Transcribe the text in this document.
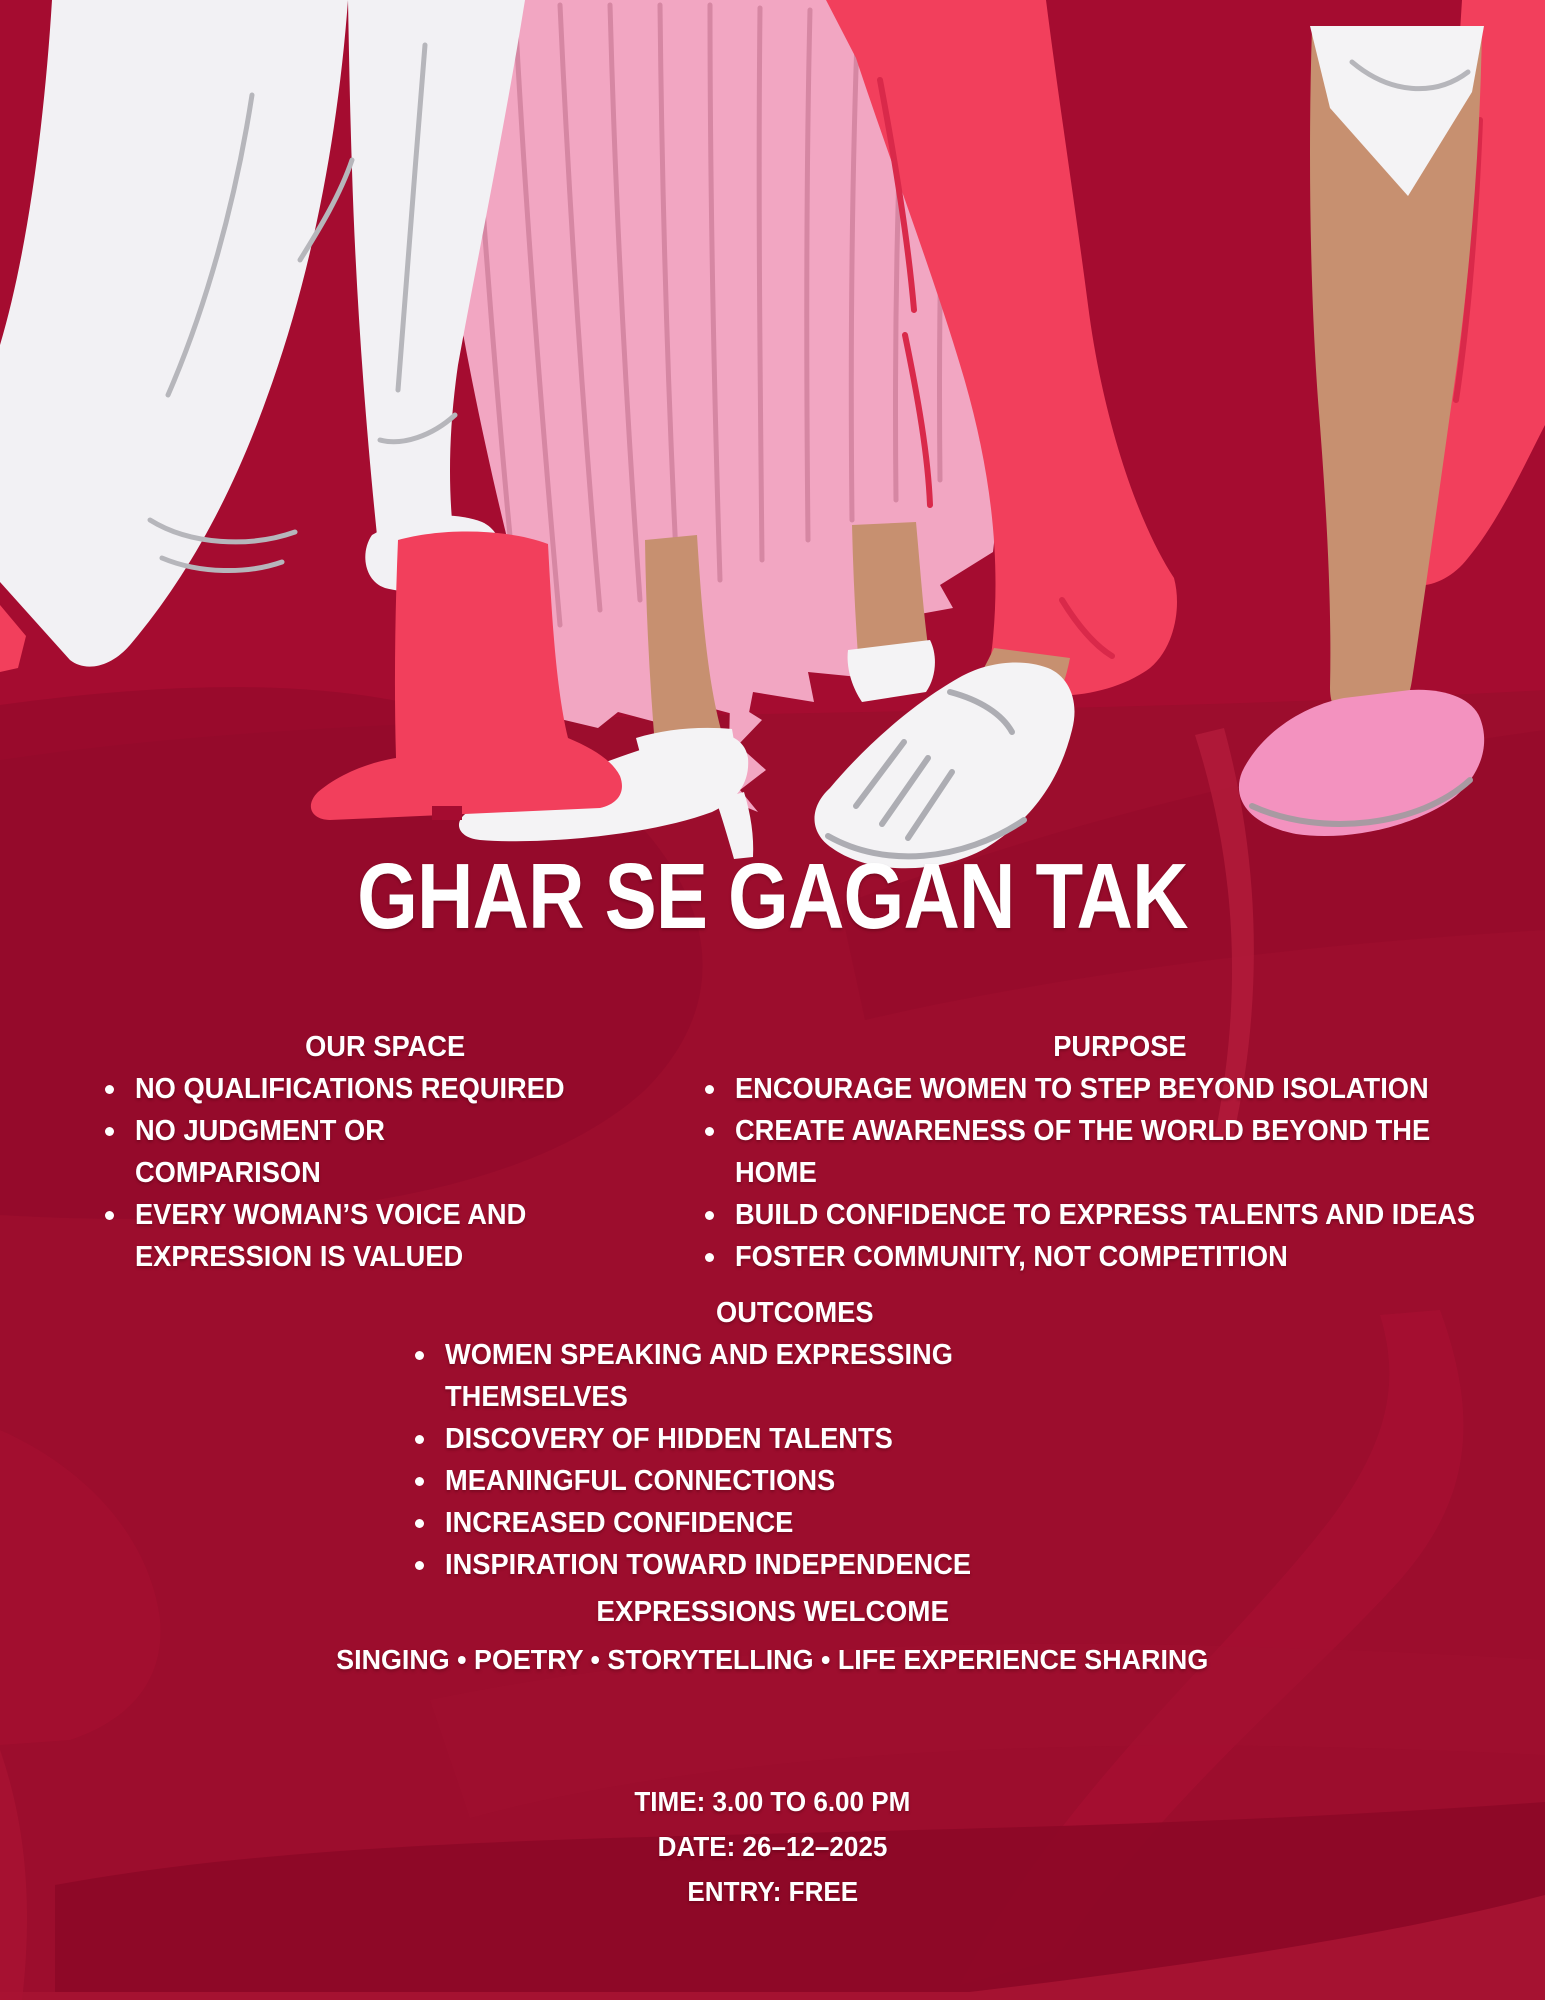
GHAR SE GAGAN TAK
OUR SPACE
NO QUALIFICATIONS REQUIRED
NO JUDGMENT OR COMPARISON
EVERY WOMAN’S VOICE AND EXPRESSION IS VALUED
PURPOSE
ENCOURAGE WOMEN TO STEP BEYOND ISOLATION
CREATE AWARENESS OF THE WORLD BEYOND THE HOME
BUILD CONFIDENCE TO EXPRESS TALENTS AND IDEAS
FOSTER COMMUNITY, NOT COMPETITION
OUTCOMES
WOMEN SPEAKING AND EXPRESSING THEMSELVES
DISCOVERY OF HIDDEN TALENTS
MEANINGFUL CONNECTIONS
INCREASED CONFIDENCE
INSPIRATION TOWARD INDEPENDENCE
EXPRESSIONS WELCOME
SINGING • POETRY • STORYTELLING • LIFE EXPERIENCE SHARING
TIME: 3.00 TO 6.00 PM
DATE: 26–12–2025
ENTRY: FREE
